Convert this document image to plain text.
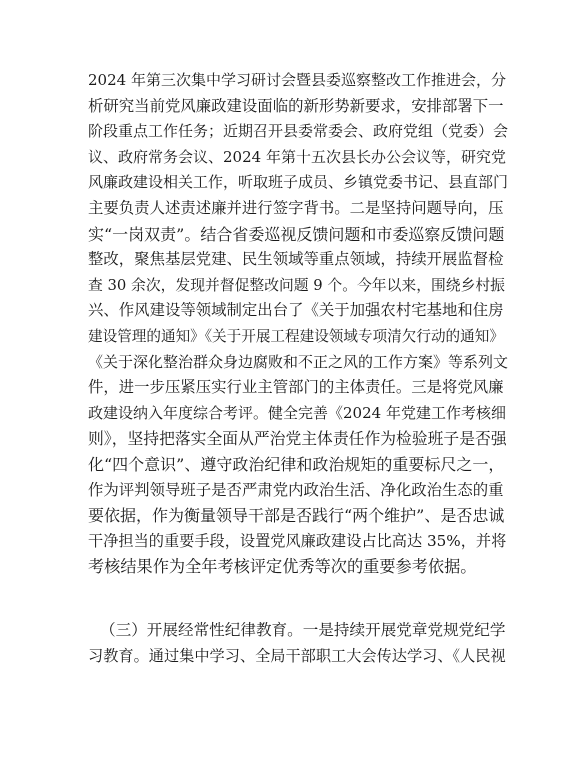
2024 年第三次集中学习研讨会暨县委巡察整改工作推进会，分
析研究当前党风廉政建设面临的新形势新要求，安排部署下一
阶段重点工作任务；近期召开县委常委会、政府党组（党委）会
议、政府常务会议、2024 年第十五次县长办公会议等，研究党
风廉政建设相关工作，听取班子成员、乡镇党委书记、县直部门
主要负责人述责述廉并进行签字背书。二是坚持问题导向，压
实“一岗双责”。结合省委巡视反馈问题和市委巡察反馈问题
整改，聚焦基层党建、民生领域等重点领域，持续开展监督检
查 30 余次，发现并督促整改问题 9 个。今年以来，围绕乡村振
兴、作风建设等领域制定出台了《关于加强农村宅基地和住房
建设管理的通知》《关于开展工程建设领域专项清欠行动的通知》
《关于深化整治群众身边腐败和不正之风的工作方案》等系列文
件，进一步压紧压实行业主管部门的主体责任。三是将党风廉
政建设纳入年度综合考评。健全完善《2024 年党建工作考核细
则》，坚持把落实全面从严治党主体责任作为检验班子是否强
化“四个意识”、遵守政治纪律和政治规矩的重要标尺之一，
作为评判领导班子是否严肃党内政治生活、净化政治生态的重
要依据，作为衡量领导干部是否践行“两个维护”、是否忠诚
干净担当的重要手段，设置党风廉政建设占比高达 35%，并将
考核结果作为全年考核评定优秀等次的重要参考依据。
（三）开展经常性纪律教育。一是持续开展党章党规党纪学
习教育。通过集中学习、全局干部职工大会传达学习、《人民视
